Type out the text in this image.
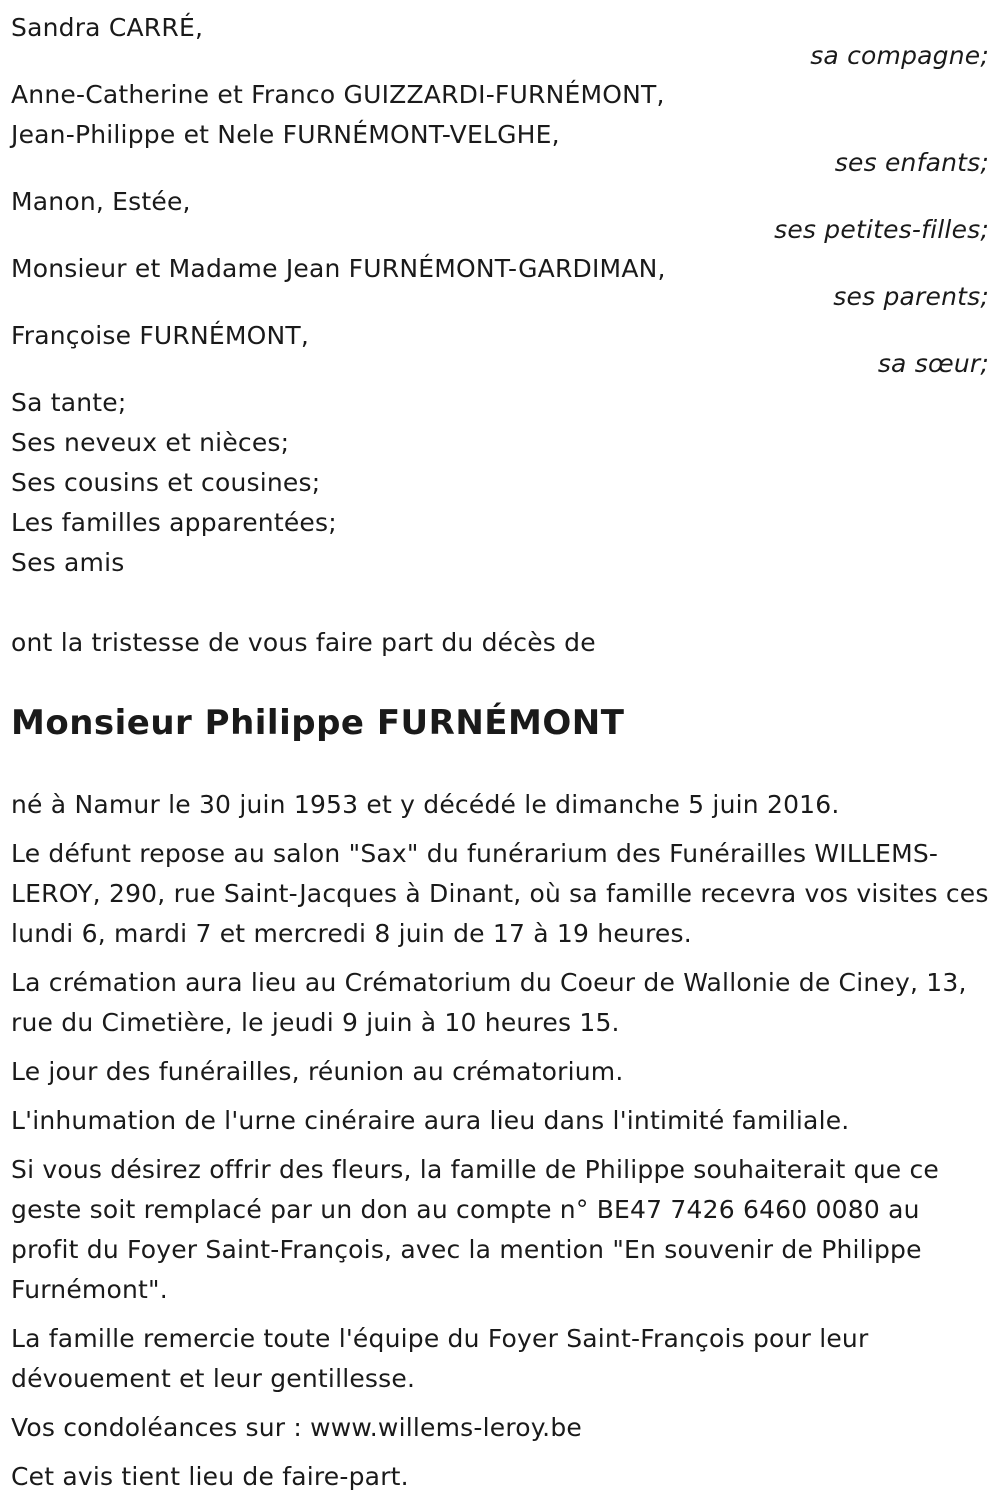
Sandra CARRÉ,
sa compagne;
Anne-Catherine et Franco GUIZZARDI-FURNÉMONT,
Jean-Philippe et Nele FURNÉMONT-VELGHE,
ses enfants;
Manon, Estée,
ses petites-filles;
Monsieur et Madame Jean FURNÉMONT-GARDIMAN,
ses parents;
Françoise FURNÉMONT,
sa sœur;
Sa tante;
Ses neveux et nièces;
Ses cousins et cousines;
Les familles apparentées;
Ses amis
ont la tristesse de vous faire part du décès de
Monsieur Philippe FURNÉMONT
né à Namur le 30 juin 1953 et y décédé le dimanche 5 juin 2016.
Le défunt repose au salon "Sax" du funérarium des Funérailles WILLEMS-LEROY, 290, rue Saint-Jacques à Dinant, où sa famille recevra vos visites ces lundi 6, mardi 7 et mercredi 8 juin de 17 à 19 heures.
La crémation aura lieu au Crématorium du Coeur de Wallonie de Ciney, 13, rue du Cimetière, le jeudi 9 juin à 10 heures 15.
Le jour des funérailles, réunion au crématorium.
L'inhumation de l'urne cinéraire aura lieu dans l'intimité familiale.
Si vous désirez offrir des fleurs, la famille de Philippe souhaiterait que ce geste soit remplacé par un don au compte n° BE47 7426 6460 0080 au profit du Foyer Saint-François, avec la mention "En souvenir de Philippe Furnémont".
La famille remercie toute l'équipe du Foyer Saint-François pour leur dévouement et leur gentillesse.
Vos condoléances sur : www.willems-leroy.be
Cet avis tient lieu de faire-part.
